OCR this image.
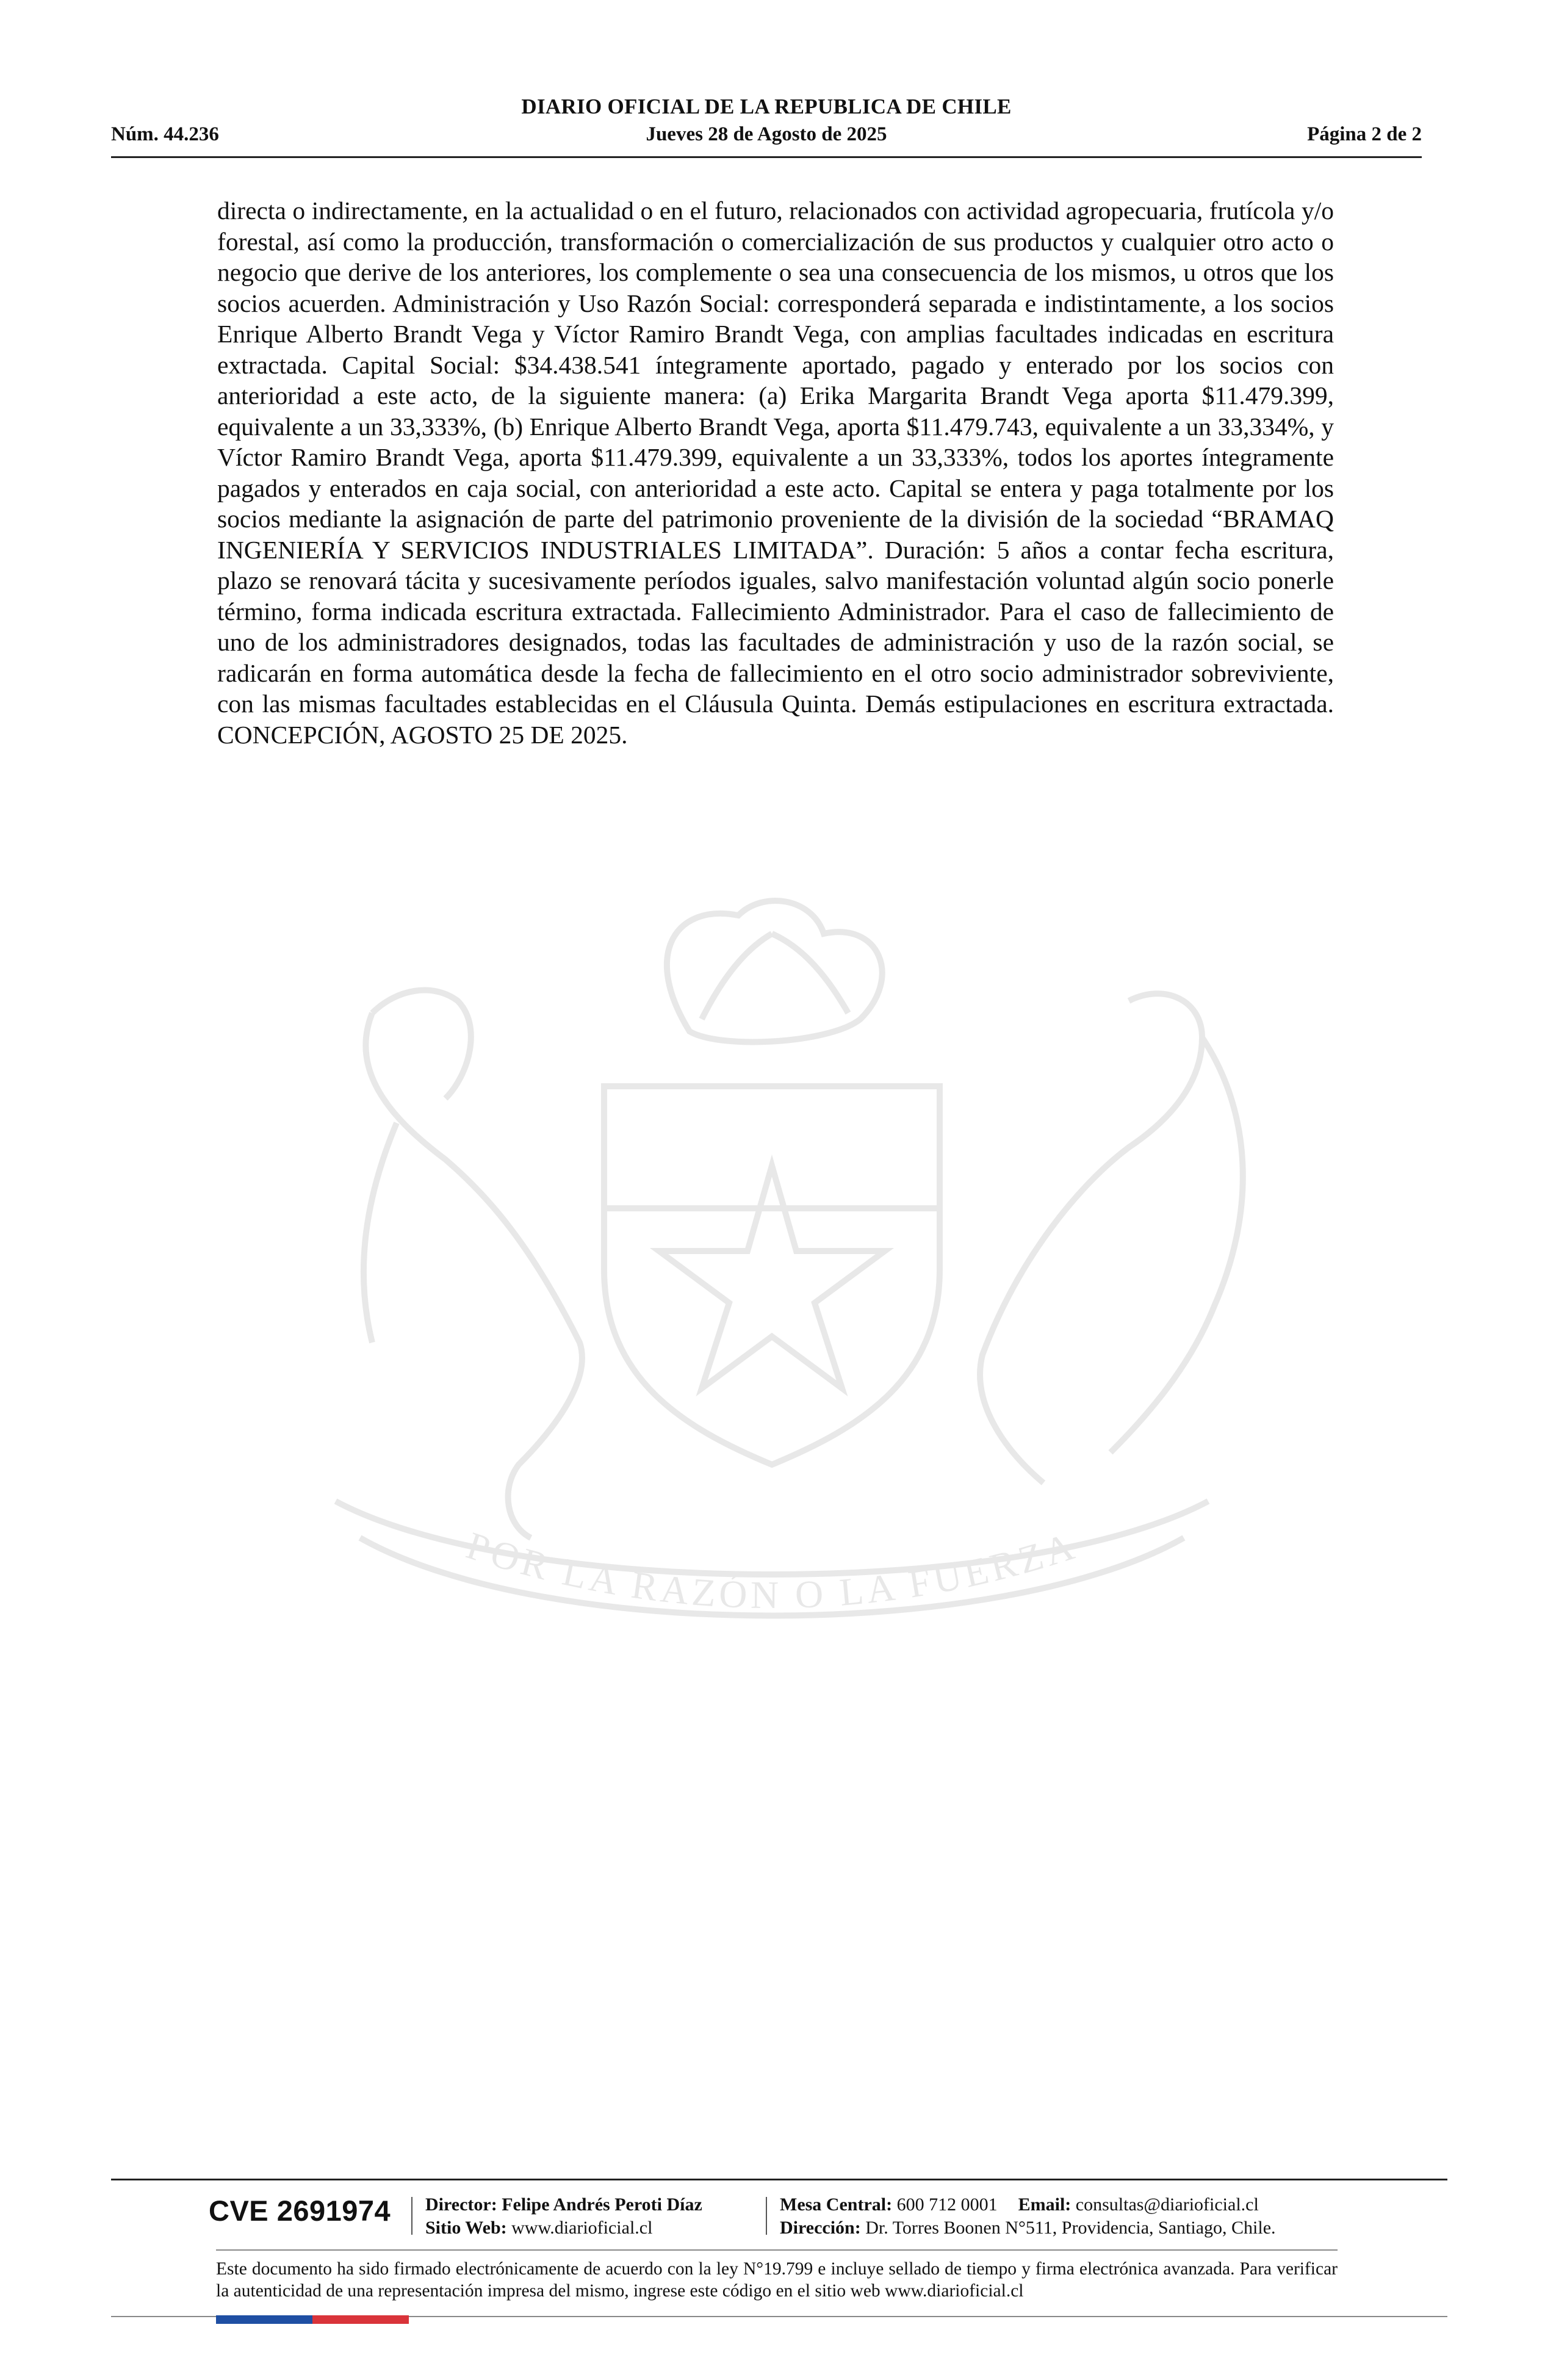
DIARIO OFICIAL DE LA REPUBLICA DE CHILE
Núm. 44.236	Jueves 28 de Agosto de 2025	Página 2 de 2
POR LA RAZÓN O LA FUERZA
directa o indirectamente, en la actualidad o en el futuro, relacionados con actividad agropecuaria, frutícola y/o forestal, así como la producción, transformación o comercialización de sus productos y cualquier otro acto o negocio que derive de los anteriores, los complemente o sea una consecuencia de los mismos, u otros que los socios acuerden. Administración y Uso Razón Social: corresponderá separada e indistintamente, a los socios Enrique Alberto Brandt Vega y Víctor Ramiro Brandt Vega, con amplias facultades indicadas en escritura extractada. Capital Social: $34.438.541 íntegramente aportado, pagado y enterado por los socios con anterioridad a este acto, de la siguiente manera: (a) Erika Margarita Brandt Vega aporta $11.479.399, equivalente a un 33,333%, (b) Enrique Alberto Brandt Vega, aporta $11.479.743, equivalente a un 33,334%, y Víctor Ramiro Brandt Vega, aporta $11.479.399, equivalente a un 33,333%, todos los aportes íntegramente pagados y enterados en caja social, con anterioridad a este acto. Capital se entera y paga totalmente por los socios mediante la asignación de parte del patrimonio proveniente de la división de la sociedad “BRAMAQ INGENIERÍA Y SERVICIOS INDUSTRIALES LIMITADA”. Duración: 5 años a contar fecha escritura, plazo se renovará tácita y sucesivamente períodos iguales, salvo manifestación voluntad algún socio ponerle término, forma indicada escritura extractada. Fallecimiento Administrador. Para el caso de fallecimiento de uno de los administradores designados, todas las facultades de administración y uso de la razón social, se radicarán en forma automática desde la fecha de fallecimiento en el otro socio administrador sobreviviente, con las mismas facultades establecidas en el Cláusula Quinta. Demás estipulaciones en escritura extractada. CONCEPCIÓN, AGOSTO 25 DE 2025.
CVE 2691974 Director: Felipe Andrés Peroti Díaz
Sitio Web: www.diarioficial.cl
Mesa Central: 600 712 0001 Email: consultas@diarioficial.cl
Dirección: Dr. Torres Boonen N°511, Providencia, Santiago, Chile.
Este documento ha sido firmado electrónicamente de acuerdo con la ley N°19.799 e incluye sellado de tiempo y firma electrónica avanzada. Para verificar la autenticidad de una representación impresa del mismo, ingrese este código en el sitio web www.diarioficial.cl
